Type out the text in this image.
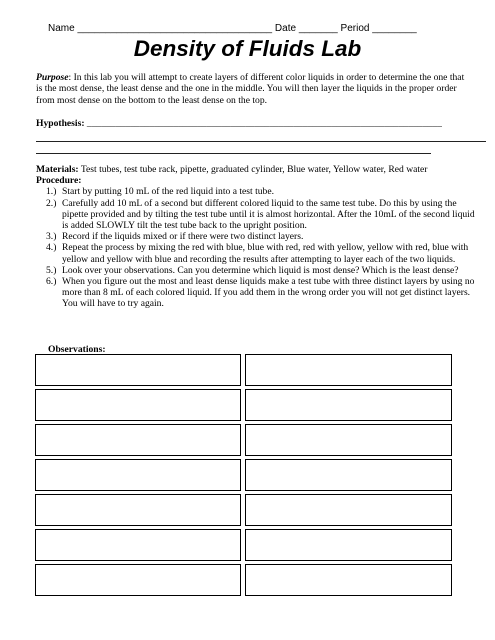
Name ___________________________________ Date _______ Period ________
Density of Fluids Lab
Purpose: In this lab you will attempt to create layers of different color liquids in order to determine the one that is the most dense, the least dense and the one in the middle. You will then layer the liquids in the proper order from most dense on the bottom to the least dense on the top.
Hypothesis: __________________________________________________________________________
Materials: Test tubes, test tube rack, pipette, graduated cylinder, Blue water, Yellow water, Red water
Procedure:
1.) Start by putting 10 mL of the red liquid into a test tube.
2.) Carefully add 10 mL of a second but different colored liquid to the same test tube. Do this by using the pipette provided and by tilting the test tube until it is almost horizontal. After the 10mL of the second liquid is added SLOWLY tilt the test tube back to the upright position.
3.) Record if the liquids mixed or if there were two distinct layers.
4.) Repeat the process by mixing the red with blue, blue with red, red with yellow, yellow with red, blue with yellow and yellow with blue and recording the results after attempting to layer each of the two liquids.
5.) Look over your observations. Can you determine which liquid is most dense? Which is the least dense?
6.) When you figure out the most and least dense liquids make a test tube with three distinct layers by using no more than 8 mL of each colored liquid. If you add them in the wrong order you will not get distinct layers. You will have to try again.
Observations:
